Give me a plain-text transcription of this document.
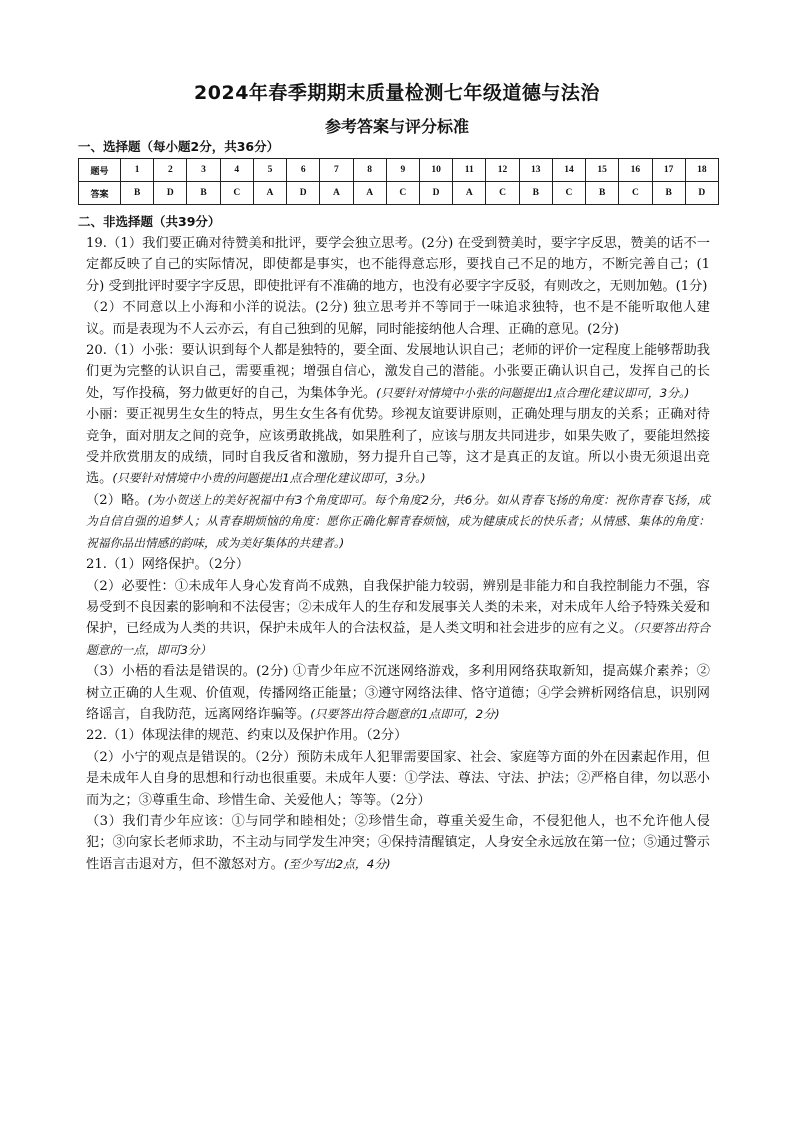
2024年春季期期末质量检测七年级道德与法治
参考答案与评分标准
一、选择题（每小题2分，共36分）
题号	1	2	3	4	5	6	7	8	9	10	11	12	13	14	15	16	17	18
答案	B	D	B	C	A	D	A	A	C	D	A	C	B	C	B	C	B	D
二、非选择题（共39分）

19.（1）我们要正确对待赞美和批评，要学会独立思考。(2分) 在受到赞美时，要字字反思，赞美的话不一定都反映了自己的实际情况，即使都是事实，也不能得意忘形，要找自己不足的地方，不断完善自己；(1分) 受到批评时要字字反思，即使批评有不准确的地方，也没有必要字字反驳，有则改之，无则加勉。(1分)

（2）不同意以上小海和小洋的说法。(2分) 独立思考并不等同于一味追求独特，也不是不能听取他人建议。而是表现为不人云亦云，有自己独到的见解，同时能接纳他人合理、正确的意见。(2分)

20.（1）小张：要认识到每个人都是独特的，要全面、发展地认识自己；老师的评价一定程度上能够帮助我们更为完整的认识自己，需要重视；增强自信心，激发自己的潜能。小张要正确认识自己，发挥自己的长处，写作投稿，努力做更好的自己，为集体争光。(只要针对情境中小张的问题提出1点合理化建议即可，3分。)

小丽：要正视男生女生的特点，男生女生各有优势。珍视友谊要讲原则，正确处理与朋友的关系；正确对待竞争，面对朋友之间的竞争，应该勇敢挑战，如果胜利了，应该与朋友共同进步，如果失败了，要能坦然接受并欣赏朋友的成绩，同时自我反省和激励，努力提升自己等，这才是真正的友谊。所以小贵无须退出竞选。(只要针对情境中小贵的问题提出1点合理化建议即可，3分。)

（2）略。(为小贺送上的美好祝福中有3个角度即可。每个角度2分，共6分。如从青春飞扬的角度：祝你青春飞扬，成为自信自强的追梦人；从青春期烦恼的角度：愿你正确化解青春烦恼，成为健康成长的快乐者；从情感、集体的角度：祝福你品出情感的韵味，成为美好集体的共建者。)

21.（1）网络保护。（2分）

（2）必要性：①未成年人身心发育尚不成熟，自我保护能力较弱，辨别是非能力和自我控制能力不强，容易受到不良因素的影响和不法侵害；②未成年人的生存和发展事关人类的未来，对未成年人给予特殊关爱和保护，已经成为人类的共识，保护未成年人的合法权益，是人类文明和社会进步的应有之义。（只要答出符合题意的一点，即可3分）

（3）小梧的看法是错误的。(2分) ①青少年应不沉迷网络游戏，多利用网络获取新知，提高媒介素养；②树立正确的人生观、价值观，传播网络正能量；③遵守网络法律、恪守道德；④学会辨析网络信息，识别网络谣言，自我防范，远离网络诈骗等。(只要答出符合题意的1点即可，2分)

22.（1）体现法律的规范、约束以及保护作用。（2分）

（2）小宁的观点是错误的。（2分）预防未成年人犯罪需要国家、社会、家庭等方面的外在因素起作用，但是未成年人自身的思想和行动也很重要。未成年人要：①学法、尊法、守法、护法；②严格自律，勿以恶小而为之；③尊重生命、珍惜生命、关爱他人；等等。（2分）

（3）我们青少年应该：①与同学和睦相处；②珍惜生命，尊重关爱生命，不侵犯他人，也不允许他人侵犯；③向家长老师求助，不主动与同学发生冲突；④保持清醒镇定，人身安全永远放在第一位；⑤通过警示性语言击退对方，但不激怒对方。(至少写出2点，4分)
